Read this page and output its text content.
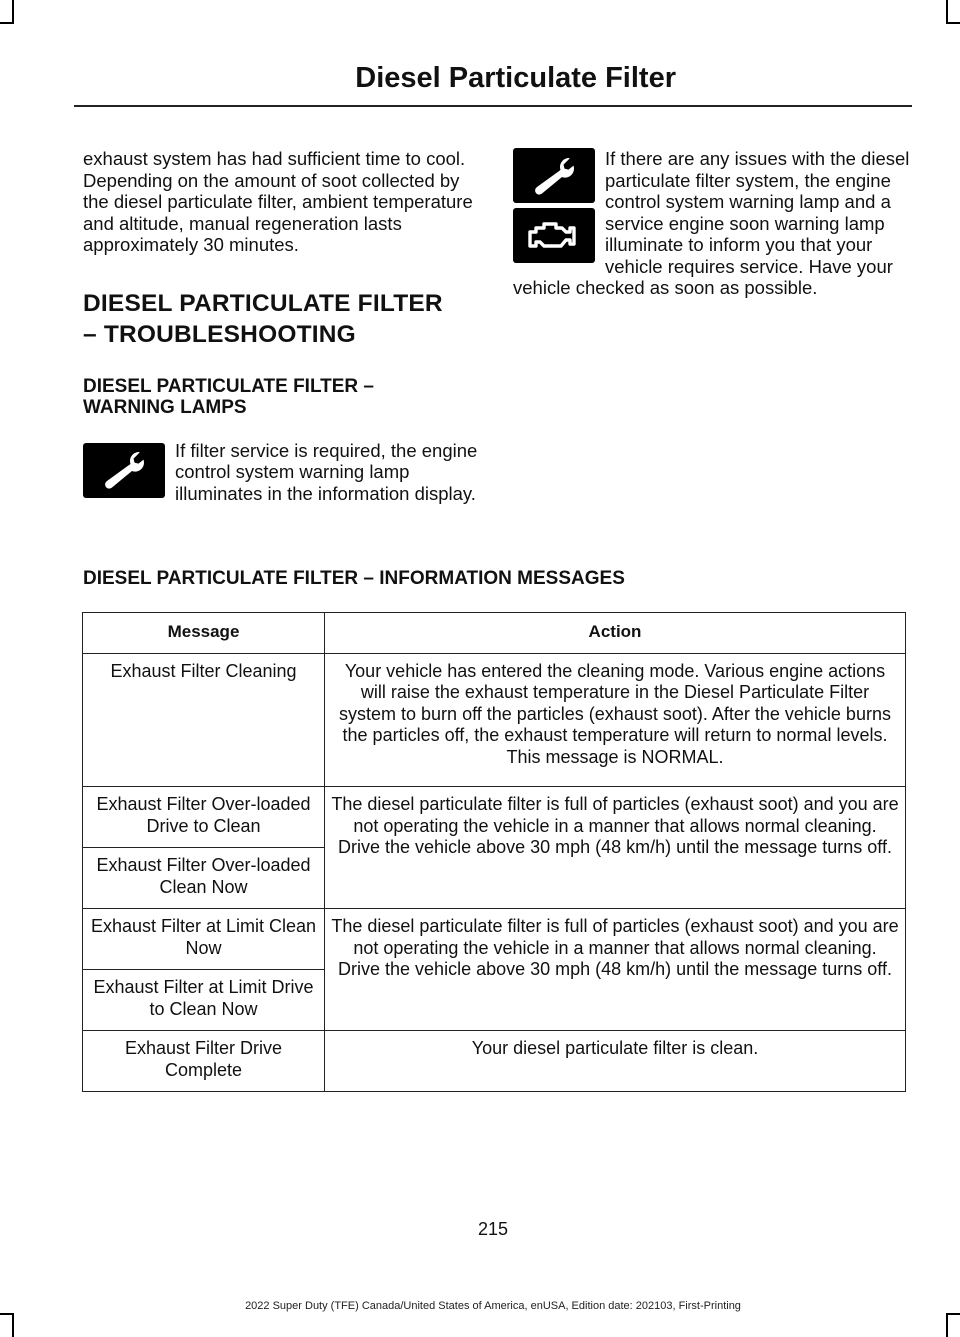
Diesel Particulate Filter
exhaust system has had sufficient time to cool. Depending on the amount of soot collected by the diesel particulate filter, ambient temperature and altitude, manual regeneration lasts approximately 30 minutes.

DIESEL PARTICULATE FILTER

– TROUBLESHOOTING

DIESEL PARTICULATE FILTER – WARNING LAMPS

If filter service is required, the engine control system warning lamp illuminates in the information display.
If there are any issues with the diesel particulate filter system, the engine control system warning lamp and a service engine soon warning lamp illuminate to inform you that your vehicle requires service. Have your vehicle checked as soon as possible.
DIESEL PARTICULATE FILTER – INFORMATION MESSAGES
Message	Action
Exhaust Filter Cleaning	Your vehicle has entered the cleaning mode. Various engine actions will raise the exhaust temperature in the Diesel Particulate Filter system to burn off the particles (exhaust soot). After the vehicle burns the particles off, the exhaust temperature will return to normal levels. This message is NORMAL.
Exhaust Filter Over-loaded Drive to Clean	The diesel particulate filter is full of particles (exhaust soot) and you are not operating the vehicle in a manner that allows normal cleaning. Drive the vehicle above 30 mph (48 km/h) until the message turns off.
Exhaust Filter Over-loaded Clean Now	
Exhaust Filter at Limit Clean Now	The diesel particulate filter is full of particles (exhaust soot) and you are not operating the vehicle in a manner that allows normal cleaning. Drive the vehicle above 30 mph (48 km/h) until the message turns off.
Exhaust Filter at Limit Drive to Clean Now	
Exhaust Filter Drive Complete	Your diesel particulate filter is clean.
215
2022 Super Duty (TFE) Canada/United States of America, enUSA, Edition date: 202103, First-Printing
